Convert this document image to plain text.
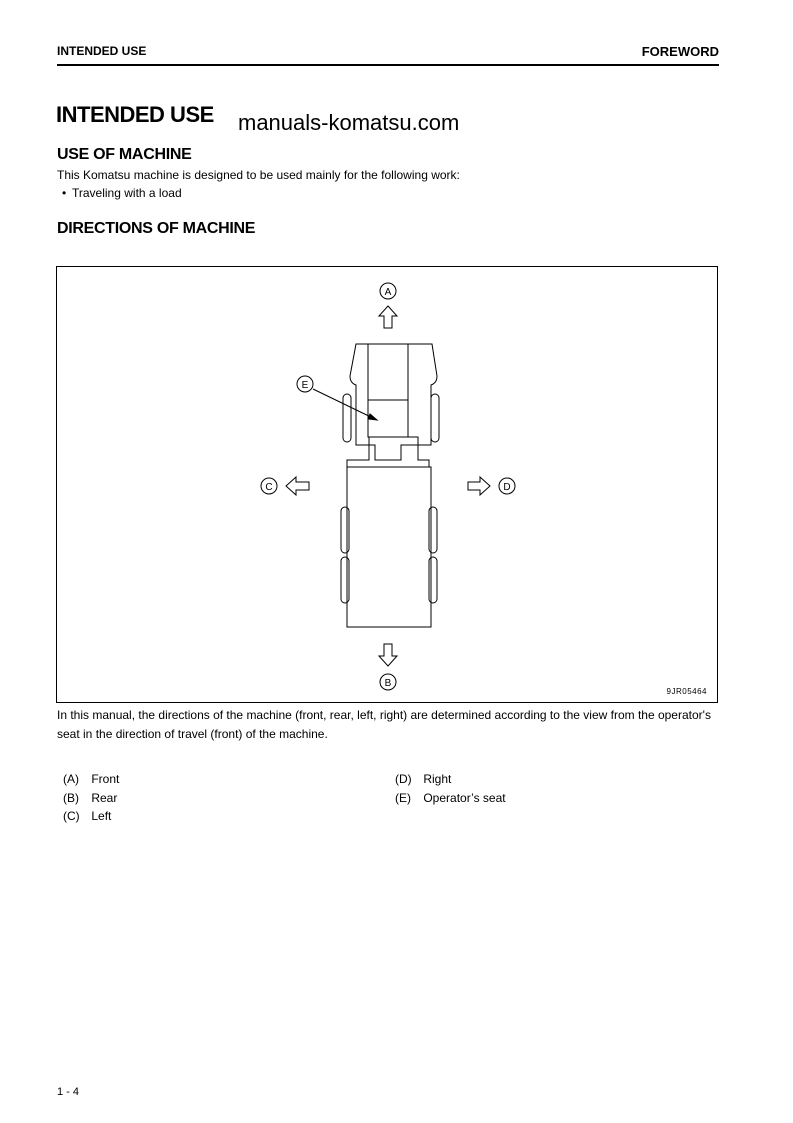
INTENDED USE	FOREWORD
INTENDED USE manuals-komatsu.com
USE OF MACHINE
This Komatsu machine is designed to be used mainly for the following work:
• Traveling with a load
DIRECTIONS OF MACHINE
A
E
C	D
B
9JR05464
In this manual, the directions of the machine (front, rear, left, right) are determined according to the view from the operator's seat in the direction of travel (front) of the machine.
(A) Front
(B) Rear
(C) Left
(D) Right
(E) Operator’s seat
1 - 4
